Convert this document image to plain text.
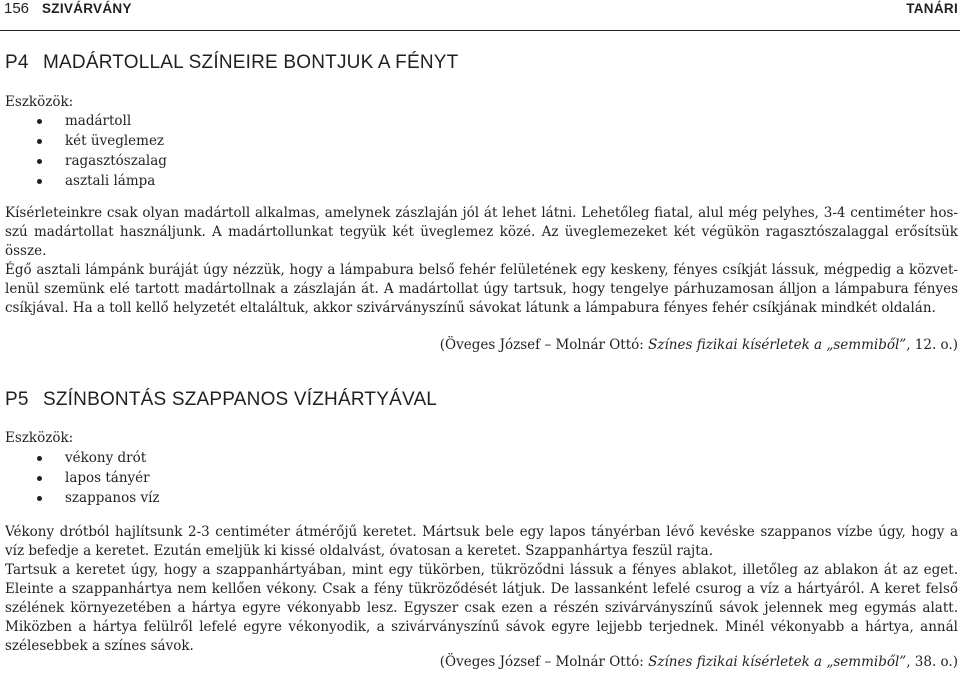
156 SZIVÁRVÁNY	TANÁRI
P4 MADÁRTOLLAL SZÍNEIRE BONTJUK A FÉNYT
Eszközök:
madártoll
két üveglemez
ragasztószalag
asztali lámpa

Kísérleteinkre csak olyan madártoll alkalmas, amelynek zászlaján jól át lehet látni. Lehetőleg fiatal, alul még pelyhes, 3-4 centiméter hos-
szú madártollat használjunk. A madártollunkat tegyük két üveglemez közé. Az üveglemezeket két végükön ragasztószalaggal erősítsük
össze.

Égő asztali lámpánk buráját úgy nézzük, hogy a lámpabura belső fehér felületének egy keskeny, fényes csíkját lássuk, mégpedig a közvet-
lenül szemünk elé tartott madártollnak a zászlaján át. A madártollat úgy tartsuk, hogy tengelye párhuzamosan álljon a lámpabura fényes
csíkjával. Ha a toll kellő helyzetét eltaláltuk, akkor szivárványszínű sávokat látunk a lámpabura fényes fehér csíkjának mindkét oldalán.

(Öveges József – Molnár Ottó: Színes fizikai kísérletek a „semmiből”, 12. o.)
P5 SZÍNBONTÁS SZAPPANOS VÍZHÁRTYÁVAL
Eszközök:
vékony drót
lapos tányér
szappanos víz

Vékony drótból hajlítsunk 2-3 centiméter átmérőjű keretet. Mártsuk bele egy lapos tányérban lévő kevéske szappanos vízbe úgy, hogy a
víz befedje a keretet. Ezután emeljük ki kissé oldalvást, óvatosan a keretet. Szappanhártya feszül rajta.

Tartsuk a keretet úgy, hogy a szappanhártyában, mint egy tükörben, tükröződni lássuk a fényes ablakot, illetőleg az ablakon át az eget.
Eleinte a szappanhártya nem kellően vékony. Csak a fény tükröződését látjuk. De lassanként lefelé csurog a víz a hártyáról. A keret felső
szélének környezetében a hártya egyre vékonyabb lesz. Egyszer csak ezen a részén szivárványszínű sávok jelennek meg egymás alatt.
Miközben a hártya felülről lefelé egyre vékonyodik, a szivárványszínű sávok egyre lejjebb terjednek. Minél vékonyabb a hártya, annál
szélesebbek a színes sávok.

(Öveges József – Molnár Ottó: Színes fizikai kísérletek a „semmiből”, 38. o.)
